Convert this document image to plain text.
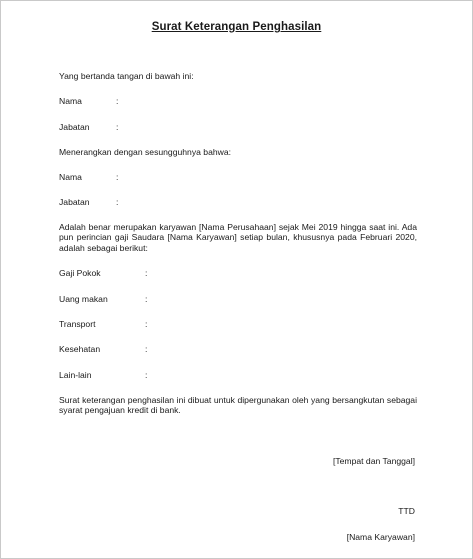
Surat Keterangan Penghasilan
Yang bertanda tangan di bawah ini:
Nama	:
Jabatan	:
Menerangkan dengan sesungguhnya bahwa:
Nama	:
Jabatan	:
Adalah benar merupakan karyawan [Nama Perusahaan] sejak Mei 2019 hingga saat ini. Ada pun perincian gaji Saudara [Nama Karyawan] setiap bulan, khususnya pada Februari 2020, adalah sebagai berikut:
Gaji Pokok	:
Uang makan	:
Transport	:
Kesehatan	:
Lain-lain	:
Surat keterangan penghasilan ini dibuat untuk dipergunakan oleh yang bersangkutan sebagai syarat pengajuan kredit di bank.
[Tempat dan Tanggal]
TTD
[Nama Karyawan]
